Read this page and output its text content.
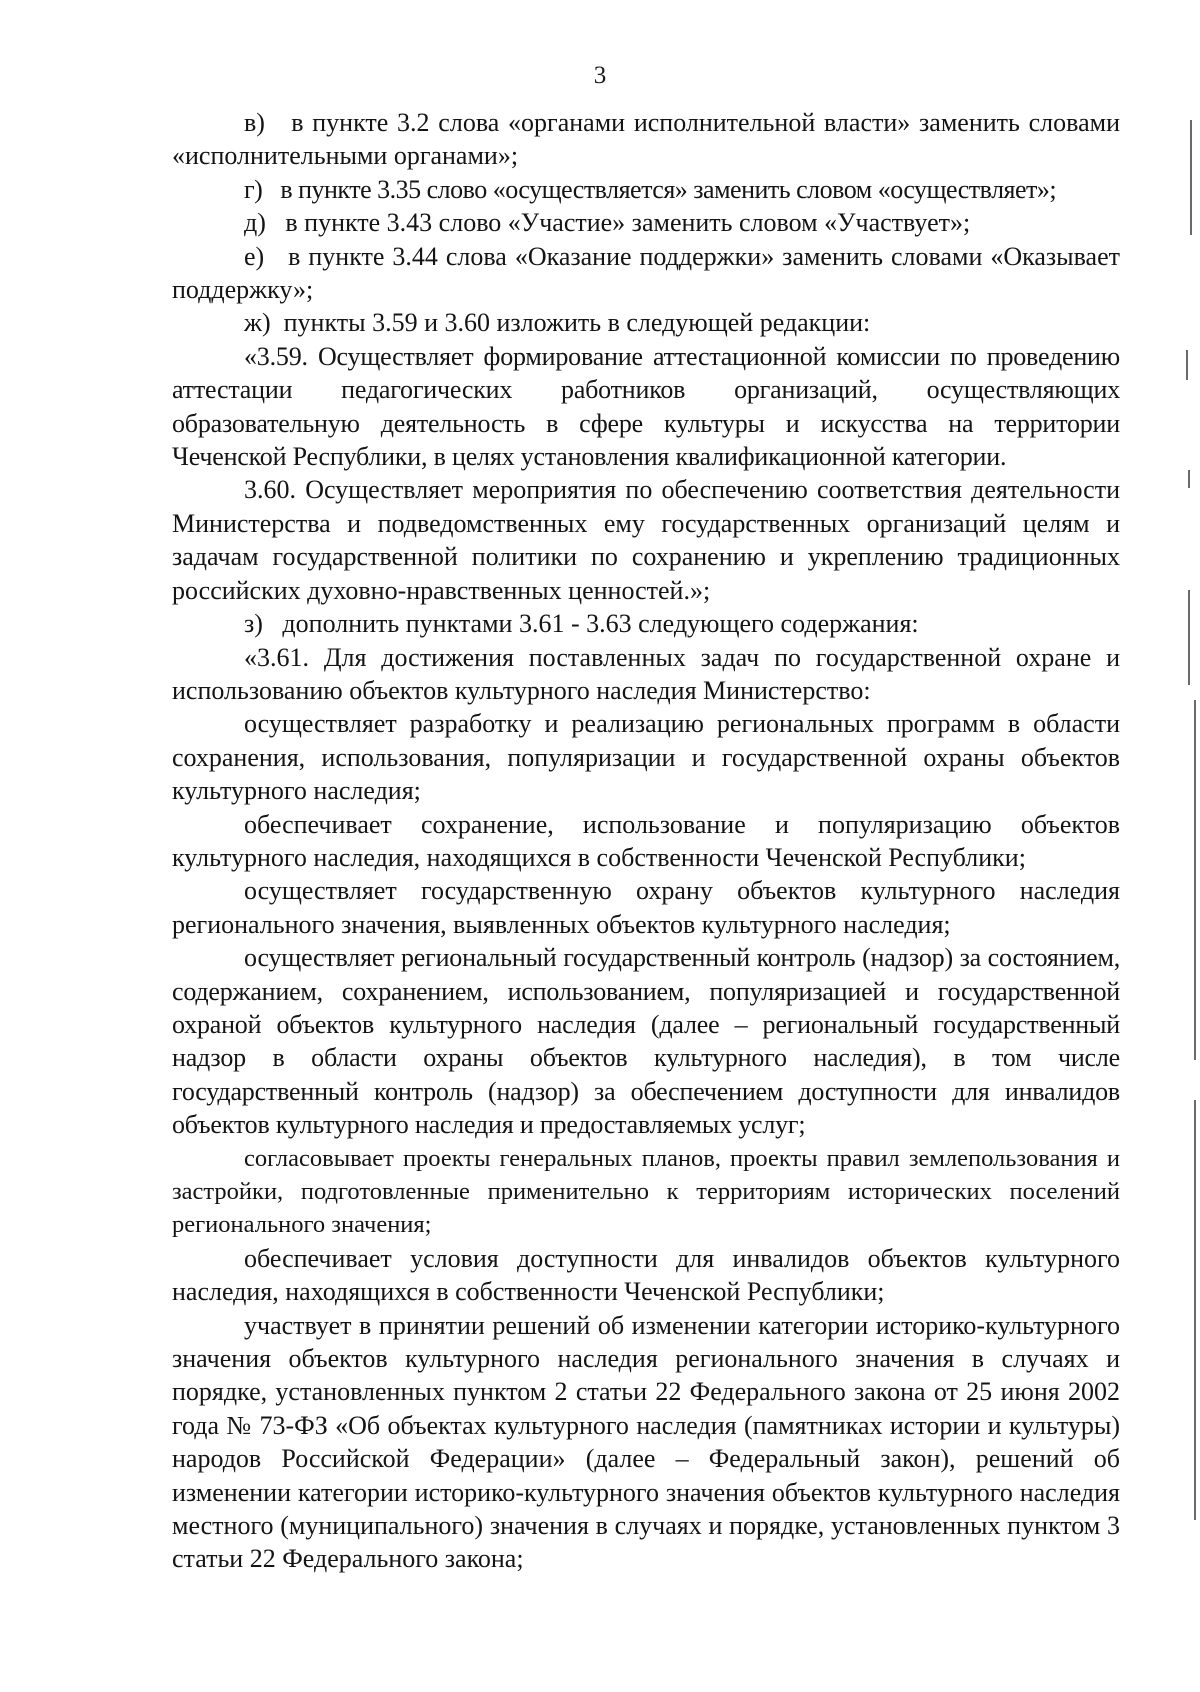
3

в)   в пункте 3.2 слова «органами исполнительной власти» заменить словами «исполнительными органами»;

г)   в пункте 3.35 слово «осуществляется» заменить словом «осуществляет»;

д)   в пункте 3.43 слово «Участие» заменить словом «Участвует»;

е)   в пункте 3.44 слова «Оказание поддержки» заменить словами «Оказывает поддержку»;

ж)  пункты 3.59 и 3.60 изложить в следующей редакции:

«3.59. Осуществляет формирование аттестационной комиссии по проведению аттестации педагогических работников организаций, осуществляющих образовательную деятельность в сфере культуры и искусства на территории Чеченской Республики, в целях установления квалификационной категории.

3.60. Осуществляет мероприятия по обеспечению соответствия деятельности Министерства и подведомственных ему государственных организаций целям и задачам государственной политики по сохранению и укреплению традиционных российских духовно-нравственных ценностей.»;

з)   дополнить пунктами 3.61 - 3.63 следующего содержания:

«3.61. Для достижения поставленных задач по государственной охране и использованию объектов культурного наследия Министерство:

осуществляет разработку и реализацию региональных программ в области сохранения, использования, популяризации и государственной охраны объектов культурного наследия;

обеспечивает сохранение, использование и популяризацию объектов культурного наследия, находящихся в собственности Чеченской Республики;

осуществляет государственную охрану объектов культурного наследия регионального значения, выявленных объектов культурного наследия;

осуществляет региональный государственный контроль (надзор) за состоянием, содержанием, сохранением, использованием, популяризацией и государственной охраной объектов культурного наследия (далее – региональный государственный надзор в области охраны объектов культурного наследия), в том числе государственный контроль (надзор) за обеспечением доступности для инвалидов объектов культурного наследия и предоставляемых услуг;

согласовывает проекты генеральных планов, проекты правил землепользования и застройки, подготовленные применительно к территориям исторических поселений регионального значения;

обеспечивает условия доступности для инвалидов объектов культурного наследия, находящихся в собственности Чеченской Республики;

участвует в принятии решений об изменении категории историко-культурного значения объектов культурного наследия регионального значения в случаях и порядке, установленных пунктом 2 статьи 22 Федерального закона от 25 июня 2002 года № 73-ФЗ «Об объектах культурного наследия (памятниках истории и культуры) народов Российской Федерации» (далее – Федеральный закон), решений об изменении категории историко-культурного значения объектов культурного наследия местного (муниципального) значения в случаях и порядке, установленных пунктом 3 статьи 22 Федерального закона;
